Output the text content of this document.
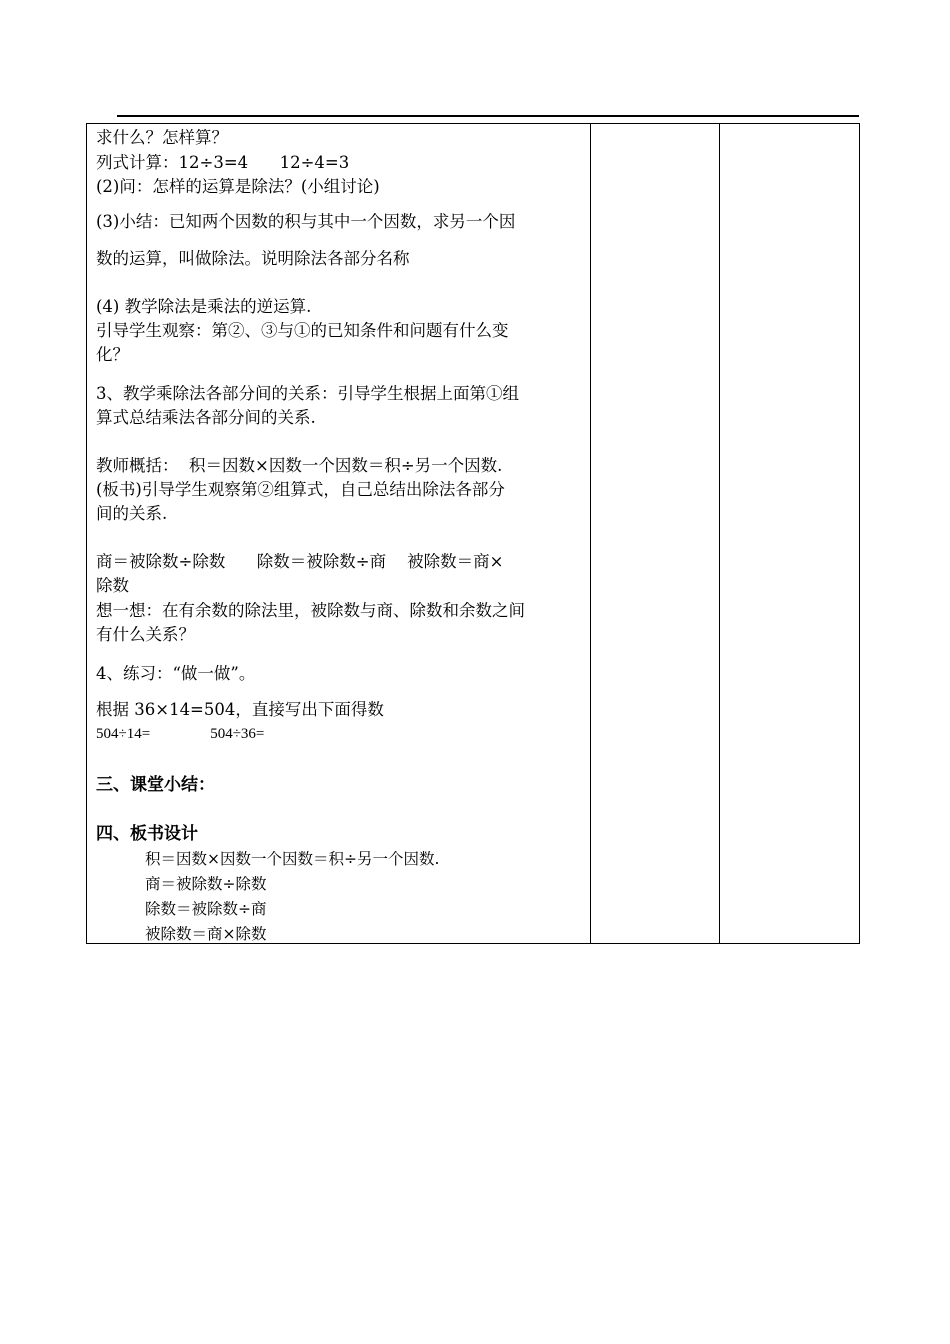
求什么？怎样算？
列式计算：12÷3=4      12÷4=3
(2)问：怎样的运算是除法？(小组讨论)
(3)小结：已知两个因数的积与其中一个因数，求另一个因
数的运算，叫做除法。说明除法各部分名称
(4) 教学除法是乘法的逆运算.
引导学生观察：第②、③与①的已知条件和问题有什么变
化？
3、教学乘除法各部分间的关系：引导学生根据上面第①组
算式总结乘法各部分间的关系.
教师概括：  积＝因数×因数一个因数＝积÷另一个因数.
(板书)引导学生观察第②组算式，自己总结出除法各部分
间的关系.
商＝被除数÷除数      除数＝被除数÷商    被除数＝商×
除数
想一想：在有余数的除法里，被除数与商、除数和余数之间
有什么关系？
4、练习：“做一做”。
根据 36×14=504，直接写出下面得数
504÷14=                504÷36=
三、课堂小结：
四、板书设计
积＝因数×因数一个因数＝积÷另一个因数.
商＝被除数÷除数
除数＝被除数÷商
被除数＝商×除数
